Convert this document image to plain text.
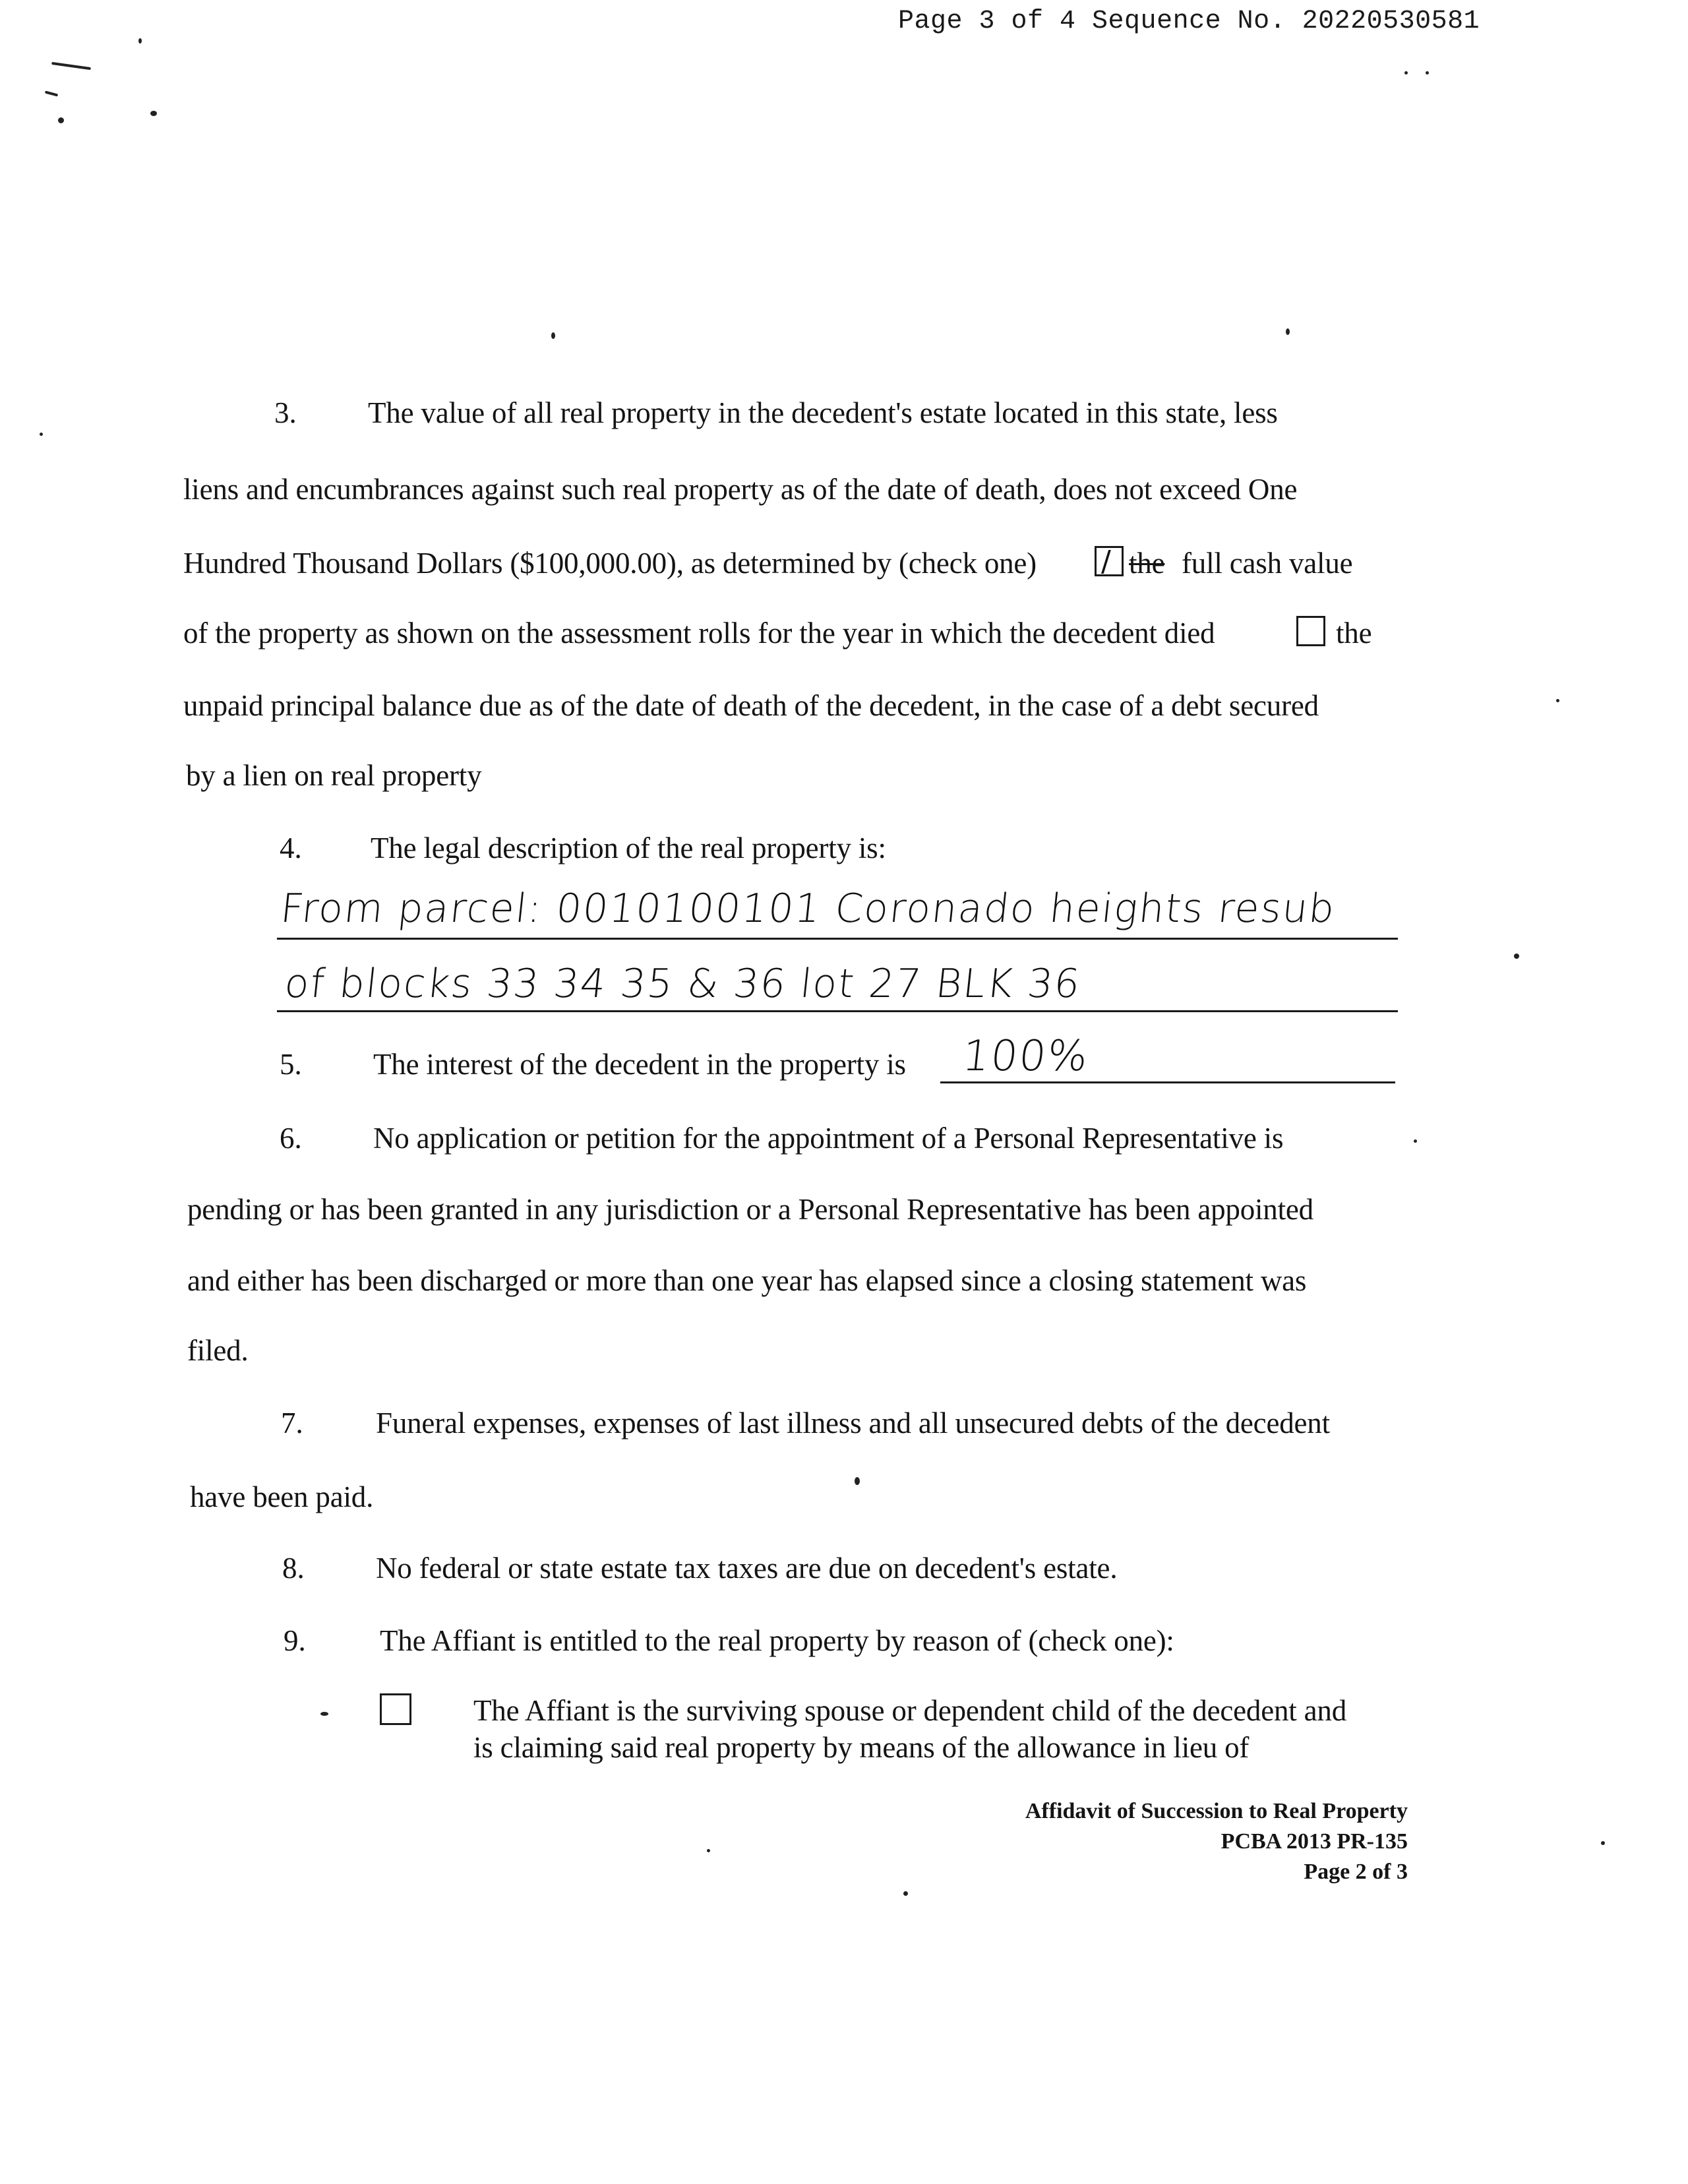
Page 3 of 4 Sequence No. 20220530581
3. The value of all real property in the decedent's estate located in this state, less
liens and encumbrances against such real property as of the date of death, does not exceed One
Hundred Thousand Dollars ($100,000.00), as determined by (check one) / the full cash value
of the property as shown on the assessment rolls for the year in which the decedent died	the
unpaid principal balance due as of the date of death of the decedent, in the case of a debt secured
by a lien on real property
4. The legal description of the real property is:
From parcel: 0010100101 Coronado heights resub
of blocks 33 34 35 & 36 lot 27 BLK 36
5. The interest of the decedent in the property is 100%
6. No application or petition for the appointment of a Personal Representative is
pending or has been granted in any jurisdiction or a Personal Representative has been appointed
and either has been discharged or more than one year has elapsed since a closing statement was
filed.
7. Funeral expenses, expenses of last illness and all unsecured debts of the decedent
have been paid.
8. No federal or state estate tax taxes are due on decedent's estate.
9. The Affiant is entitled to the real property by reason of (check one):
The Affiant is the surviving spouse or dependent child of the decedent and
is claiming said real property by means of the allowance in lieu of
Affidavit of Succession to Real Property
PCBA 2013 PR-135
Page 2 of 3
